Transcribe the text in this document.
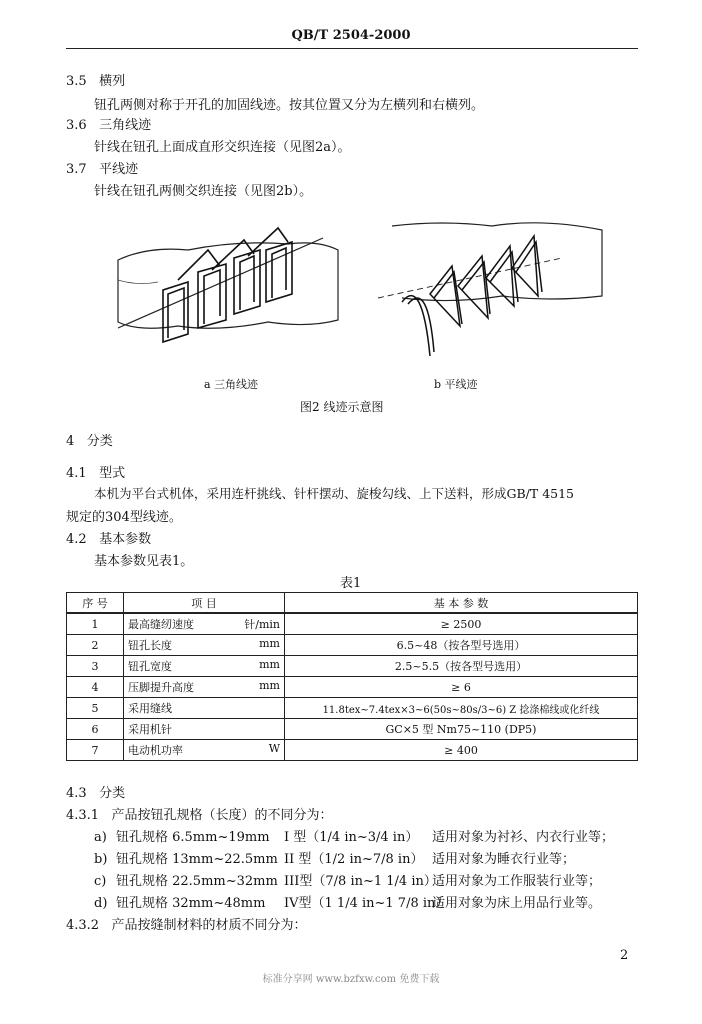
QB/T 2504-2000
3.5 横列
钮孔两侧对称于开孔的加固线迹。按其位置又分为左横列和右横列。
3.6 三角线迹
针线在钮孔上面成直形交织连接（见图2a）。
3.7 平线迹
针线在钮孔两侧交织连接（见图2b）。
a 三角线迹	b 平线迹
图2 线迹示意图
4 分类
4.1 型式
本机为平台式机体，采用连杆挑线、针杆摆动、旋梭勾线、上下送料，形成GB/T 4515
规定的304型线迹。
4.2 基本参数
基本参数见表1。
表1
序 号	项 目	基 本 参 数
1	最高缝纫速度 针/min	≥ 2500
2	钮孔长度 mm	6.5~48（按各型号选用）
3	钮孔宽度 mm	2.5~5.5（按各型号选用）
4	压脚提升高度 mm	≥ 6
5	采用缝线	11.8tex~7.4tex×3~6(50s~80s/3~6) Z 捻涤棉线或化纤线
6	采用机针	GC×5 型 Nm75~110 (DP5)
7	电动机功率 W	≥ 400
4.3 分类
4.3.1 产品按钮孔规格（长度）的不同分为：
a) 钮孔规格 6.5mm~19mm I 型（1/4 in~3/4 in） 适用对象为衬衫、内衣行业等；
b) 钮孔规格 13mm~22.5mm II 型（1/2 in~7/8 in） 适用对象为睡衣行业等；
c) 钮孔规格 22.5mm~32mm III型（7/8 in~1 1/4 in）适用对象为工作服装行业等；
d) 钮孔规格 32mm~48mm IV型（1 1/4 in~1 7/8 in）适用对象为床上用品行业等。
4.3.2 产品按缝制材料的材质不同分为：
2
标准分享网 www.bzfxw.com 免费下载
